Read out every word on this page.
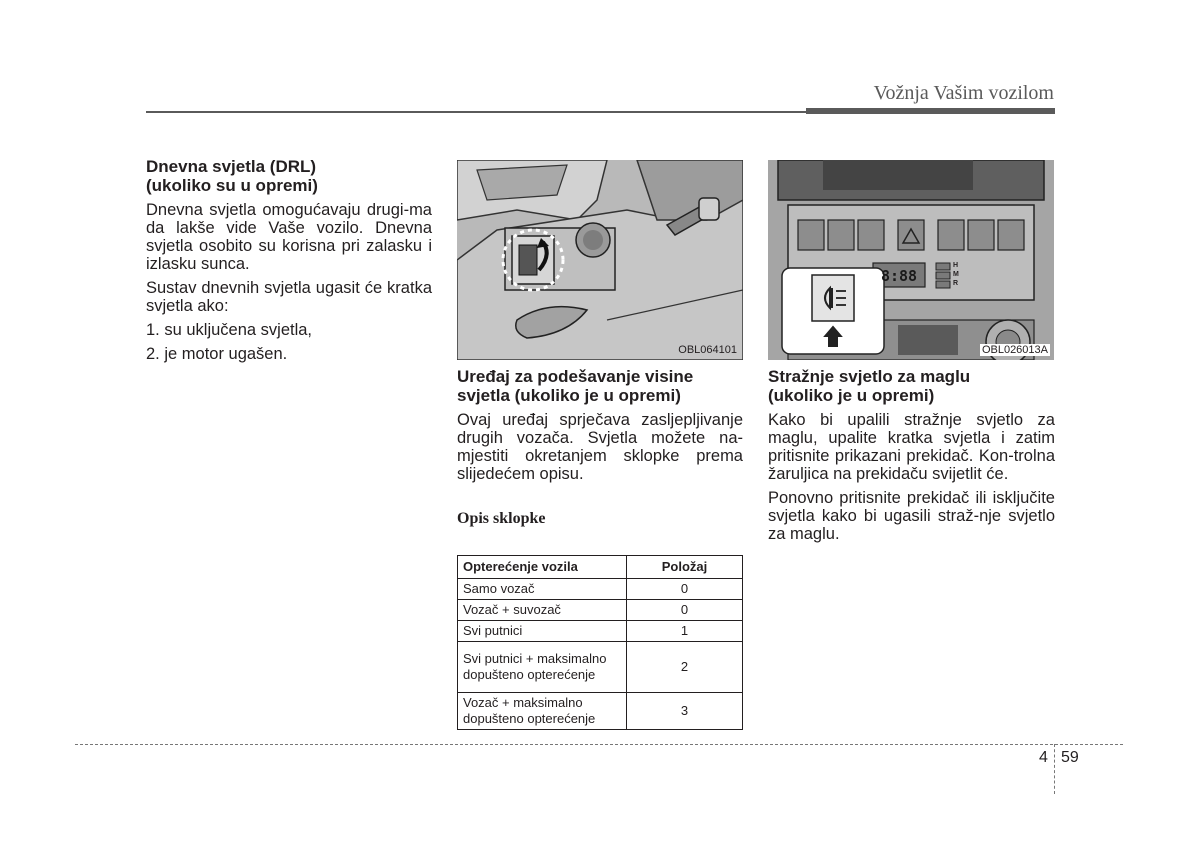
Vožnja Vašim vozilom
Dnevna svjetla (DRL)
(ukoliko su u opremi)

Dnevna svjetla omogućavaju drugi-ma da lakše vide Vaše vozilo. Dnevna svjetla osobito su korisna pri zalasku i izlasku sunca.

Sustav dnevnih svjetla ugasit će kratka svjetla ako:

1. su uključena svjetla,

2. je motor ugašen.	OBL064101
8:88
H
M
R
OBL026013A
Uređaj za podešavanje visine
svjetla (ukoliko je u opremi)

Ovaj uređaj sprječava zasljepljivanje drugih vozača. Svjetla možete na-mjestiti okretanjem sklopke prema slijedećem opisu.

Opis sklopke
Opterećenje vozila	Položaj
Samo vozač	0
Vozač + suvozač	0
Svi putnici	1
Svi putnici + maksimalno dopušteno opterećenje	2
Vozač + maksimalno dopušteno opterećenje	3
Stražnje svjetlo za maglu
(ukoliko je u opremi)

Kako bi upalili stražnje svjetlo za maglu, upalite kratka svjetla i zatim pritisnite prikazani prekidač. Kon-trolna žaruljica na prekidaču svijetlit će.

Ponovno pritisnite prekidač ili isključite svjetla kako bi ugasili straž-nje svjetlo za maglu.

4 59
